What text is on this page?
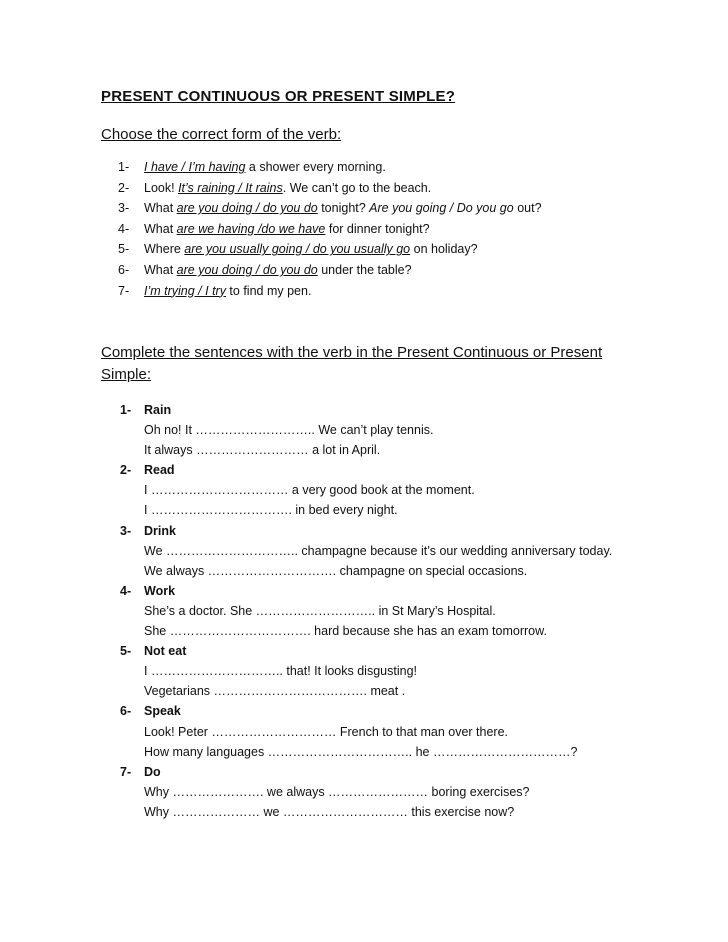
PRESENT CONTINUOUS OR PRESENT SIMPLE?
Choose the correct form of the verb:
1- I have / I’m having a shower every morning.
2- Look! It’s raining / It rains. We can’t go to the beach.
3- What are you doing / do you do tonight? Are you going / Do you go out?
4- What are we having /do we have for dinner tonight?
5- Where are you usually going / do you usually go on holiday?
6- What are you doing / do you do under the table?
7- I’m trying / I try to find my pen.
Complete the sentences with the verb in the Present Continuous or Present Simple:
1- Rain
Oh no! It ……………………….. We can’t play tennis.
It always ……………………… a lot in April.
2- Read
I …………………………… a very good book at the moment.
I ……………………………. in bed every night.
3- Drink
We ………………………….. champagne because it’s our wedding anniversary today.
We always …………………………. champagne on special occasions.
4- Work
She’s a doctor. She ……………………….. in St Mary’s Hospital.
She ……………………………. hard because she has an exam tomorrow.
5- Not eat
I ………………………….. that! It looks disgusting!
Vegetarians ………………………………. meat .
6- Speak
Look! Peter ………………………… French to that man over there.
How many languages …………………………….. he ……………………………?
7- Do
Why …………………. we always …………………… boring exercises?
Why ………………… we ………………………… this exercise now?
